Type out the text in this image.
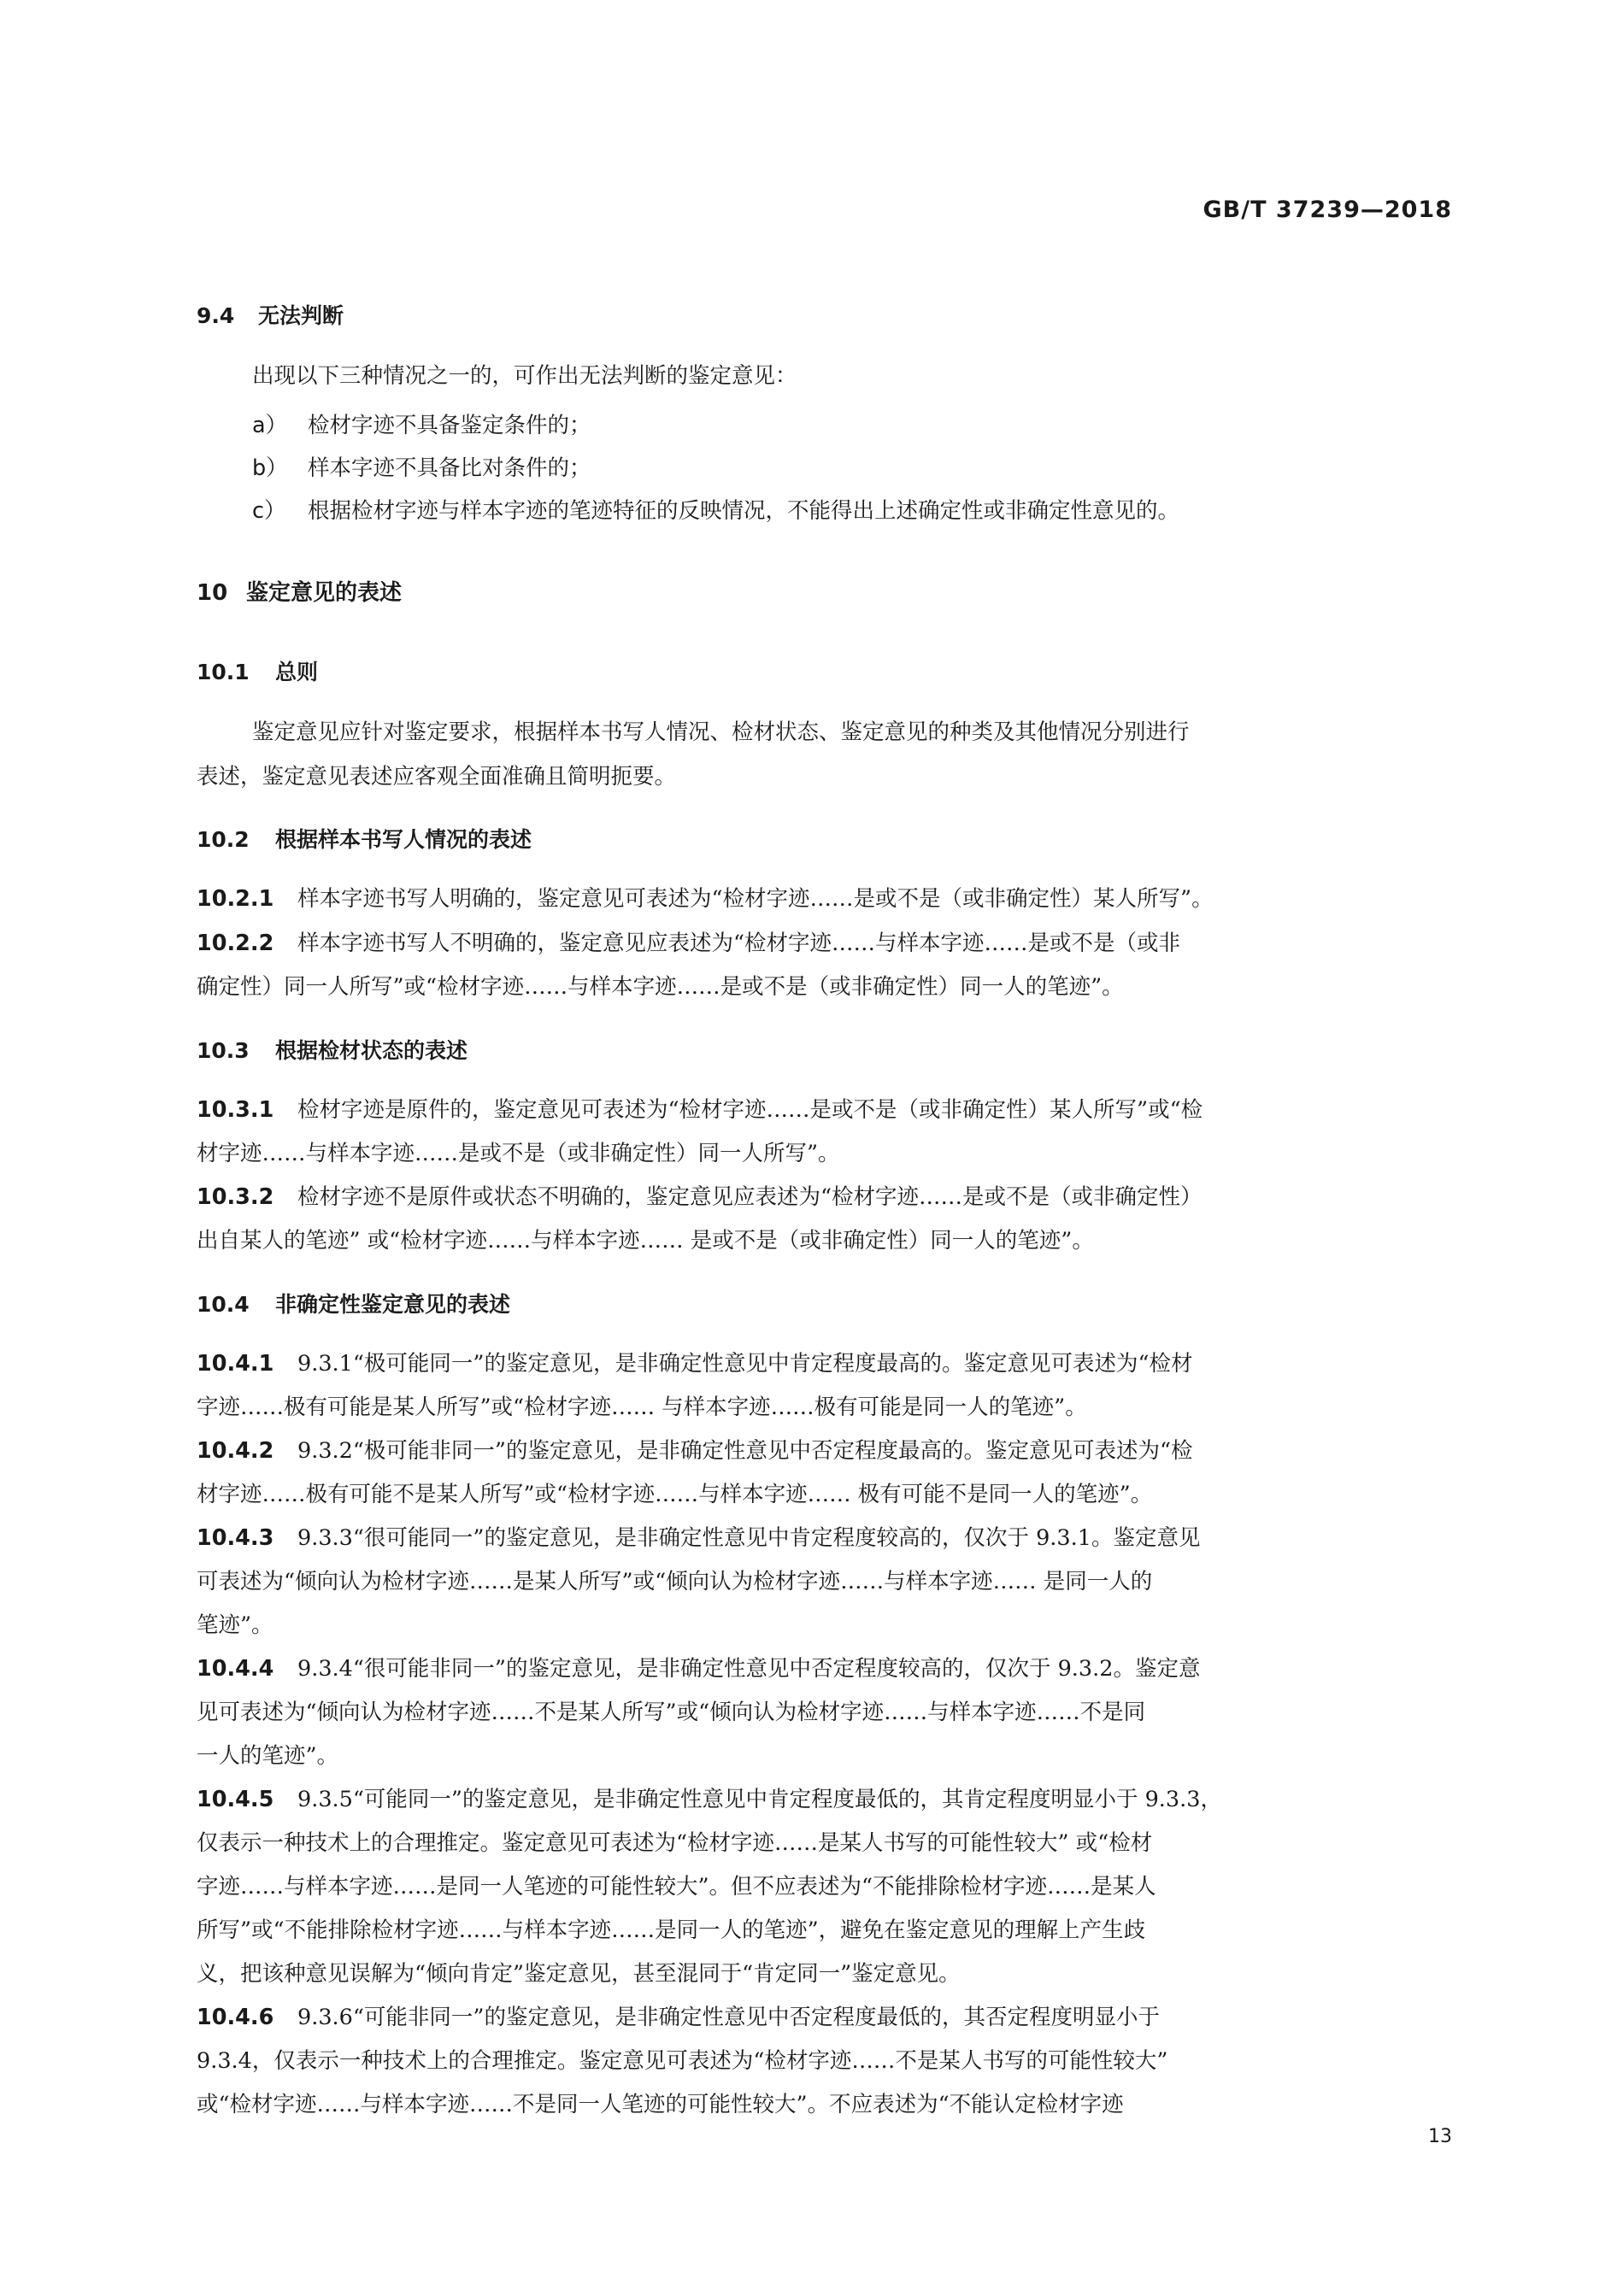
GB/T 37239—2018
9.4 无法判断
出现以下三种情况之一的，可作出无法判断的鉴定意见：
a） 检材字迹不具备鉴定条件的；
b） 样本字迹不具备比对条件的；
c） 根据检材字迹与样本字迹的笔迹特征的反映情况，不能得出上述确定性或非确定性意见的。
10 鉴定意见的表述
10.1 总则
鉴定意见应针对鉴定要求，根据样本书写人情况、检材状态、鉴定意见的种类及其他情况分别进行
表述，鉴定意见表述应客观全面准确且简明扼要。
10.2 根据样本书写人情况的表述
10.2.1 样本字迹书写人明确的，鉴定意见可表述为“检材字迹……是或不是（或非确定性）某人所写”。
10.2.2 样本字迹书写人不明确的，鉴定意见应表述为“检材字迹……与样本字迹……是或不是（或非
确定性）同一人所写”或“检材字迹……与样本字迹……是或不是（或非确定性）同一人的笔迹”。
10.3 根据检材状态的表述
10.3.1 检材字迹是原件的，鉴定意见可表述为“检材字迹……是或不是（或非确定性）某人所写”或“检
材字迹……与样本字迹……是或不是（或非确定性）同一人所写”。
10.3.2 检材字迹不是原件或状态不明确的，鉴定意见应表述为“检材字迹……是或不是（或非确定性）
出自某人的笔迹” 或“检材字迹……与样本字迹…… 是或不是（或非确定性）同一人的笔迹”。
10.4 非确定性鉴定意见的表述
10.4.1 9.3.1“极可能同一”的鉴定意见，是非确定性意见中肯定程度最高的。鉴定意见可表述为“检材
字迹……极有可能是某人所写”或“检材字迹…… 与样本字迹……极有可能是同一人的笔迹”。
10.4.2 9.3.2“极可能非同一”的鉴定意见，是非确定性意见中否定程度最高的。鉴定意见可表述为“检
材字迹……极有可能不是某人所写”或“检材字迹……与样本字迹…… 极有可能不是同一人的笔迹”。
10.4.3 9.3.3“很可能同一”的鉴定意见，是非确定性意见中肯定程度较高的，仅次于 9.3.1。鉴定意见
可表述为“倾向认为检材字迹……是某人所写”或“倾向认为检材字迹……与样本字迹…… 是同一人的
笔迹”。
10.4.4 9.3.4“很可能非同一”的鉴定意见，是非确定性意见中否定程度较高的，仅次于 9.3.2。鉴定意
见可表述为“倾向认为检材字迹……不是某人所写”或“倾向认为检材字迹……与样本字迹……不是同
一人的笔迹”。
10.4.5 9.3.5“可能同一”的鉴定意见，是非确定性意见中肯定程度最低的，其肯定程度明显小于 9.3.3，
仅表示一种技术上的合理推定。鉴定意见可表述为“检材字迹……是某人书写的可能性较大” 或“检材
字迹……与样本字迹……是同一人笔迹的可能性较大”。但不应表述为“不能排除检材字迹……是某人
所写”或“不能排除检材字迹……与样本字迹……是同一人的笔迹”，避免在鉴定意见的理解上产生歧
义，把该种意见误解为“倾向肯定”鉴定意见，甚至混同于“肯定同一”鉴定意见。
10.4.6 9.3.6“可能非同一”的鉴定意见，是非确定性意见中否定程度最低的，其否定程度明显小于
9.3.4，仅表示一种技术上的合理推定。鉴定意见可表述为“检材字迹……不是某人书写的可能性较大”
或“检材字迹……与样本字迹……不是同一人笔迹的可能性较大”。不应表述为“不能认定检材字迹
13
